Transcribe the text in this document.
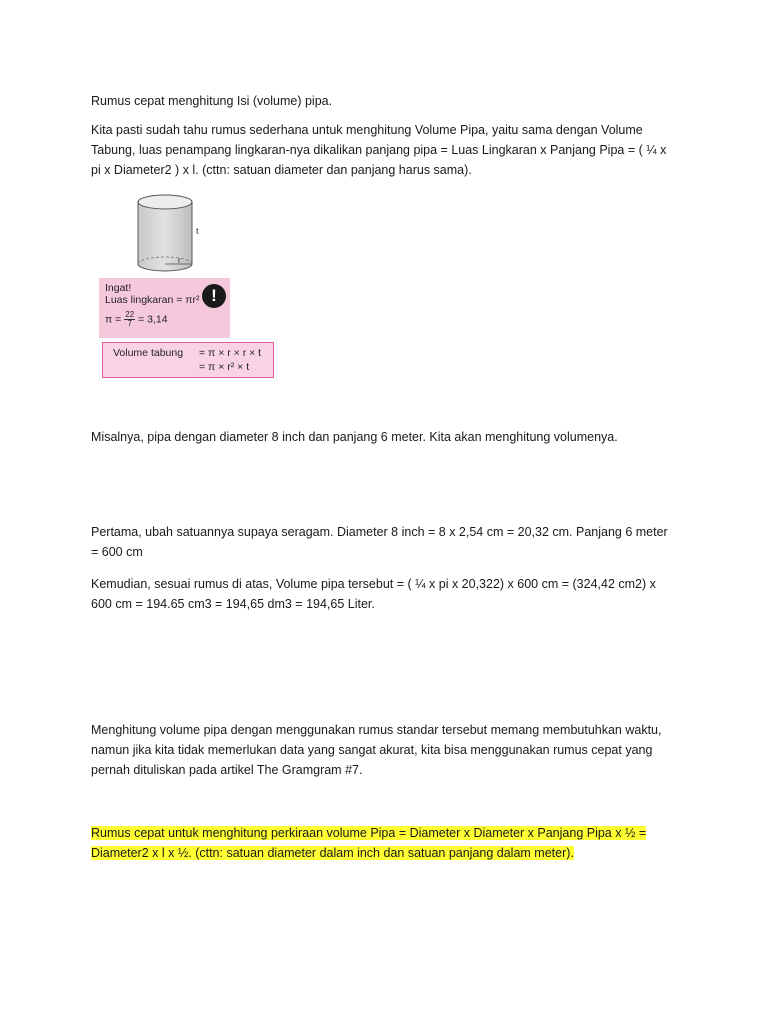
Rumus cepat menghitung Isi (volume) pipa.

Kita pasti sudah tahu rumus sederhana untuk menghitung Volume Pipa, yaitu sama dengan Volume Tabung, luas penampang lingkaran-nya dikalikan panjang pipa = Luas Lingkaran x Panjang Pipa = ( ¼ x pi x Diameter2 ) x l. (cttn: satuan diameter dan panjang harus sama).

t
r
Ingat!
Luas lingkaran = πr²
$\pi = \frac{22}{7} = 3,14$
!
Volume tabung = π × r × r × t
= π × r² × t

Misalnya, pipa dengan diameter 8 inch dan panjang 6 meter. Kita akan menghitung volumenya.

Pertama, ubah satuannya supaya seragam. Diameter 8 inch = 8 x 2,54 cm = 20,32 cm. Panjang 6 meter = 600 cm

Kemudian, sesuai rumus di atas, Volume pipa tersebut = ( ¼ x pi x 20,322) x 600 cm = (324,42 cm2) x 600 cm = 194.65 cm3 = 194,65 dm3 = 194,65 Liter.

Menghitung volume pipa dengan menggunakan rumus standar tersebut memang membutuhkan waktu, namun jika kita tidak memerlukan data yang sangat akurat, kita bisa menggunakan rumus cepat yang pernah dituliskan pada artikel The Gramgram #7.

Rumus cepat untuk menghitung perkiraan volume Pipa = Diameter x Diameter x Panjang Pipa x ½ = Diameter2 x l x ½. (cttn: satuan diameter dalam inch dan satuan panjang dalam meter).
